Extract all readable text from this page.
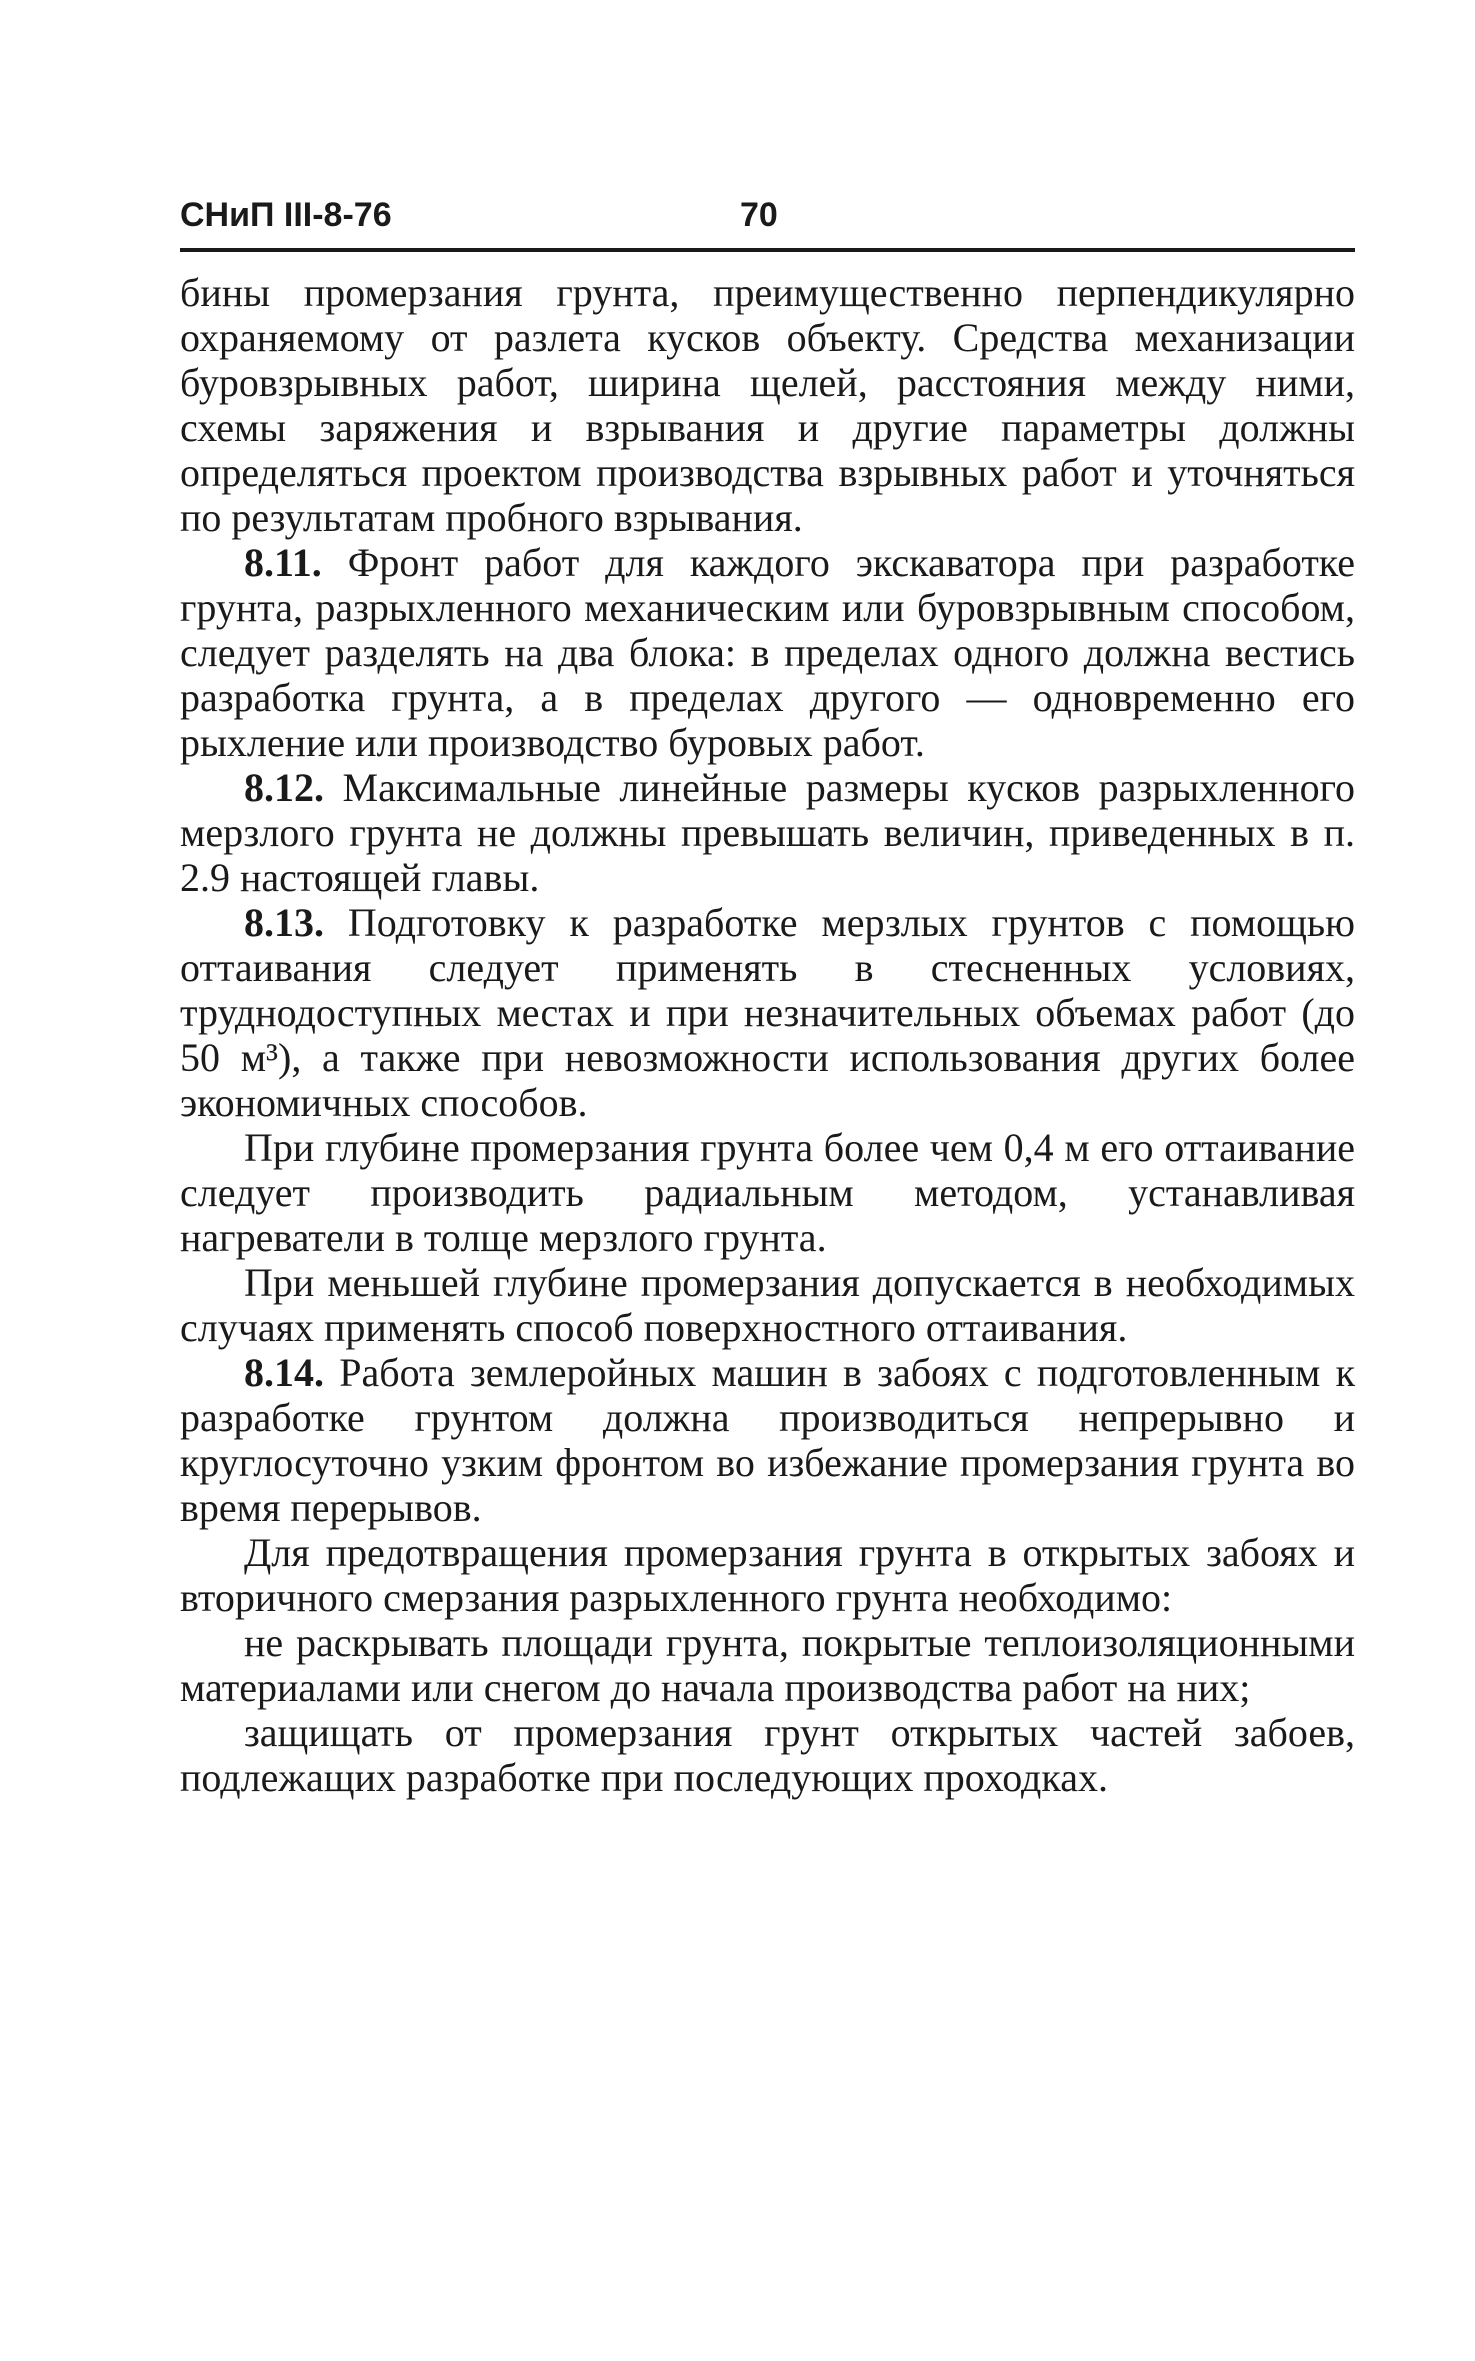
СНиП III-8-76	70

бины промерзания грунта, преимущественно перпендикулярно охраняемому от разлета кусков объекту. Средства механизации буровзрывных работ, ширина щелей, расстояния между ними, схемы заряжения и взрывания и другие параметры должны определяться проектом производства взрывных работ и уточняться по результатам пробного взрывания.

8.11. Фронт работ для каждого экскаватора при разработке грунта, разрыхленного механическим или буровзрывным способом, следует разделять на два блока: в пределах одного должна вестись разработка грунта, а в пределах другого — одновременно его рыхление или производство буровых работ.

8.12. Максимальные линейные размеры кусков разрыхленного мерзлого грунта не должны превышать величин, приведенных в п. 2.9 настоящей главы.

8.13. Подготовку к разработке мерзлых грунтов с помощью оттаивания следует применять в стесненных условиях, труднодоступных местах и при незначительных объемах работ (до 50 м³), а также при невозможности использования других более экономичных способов.

При глубине промерзания грунта более чем 0,4 м его оттаивание следует производить радиальным методом, устанавливая нагреватели в толще мерзлого грунта.

При меньшей глубине промерзания допускается в необходимых случаях применять способ поверхностного оттаивания.

8.14. Работа землеройных машин в забоях с подготовленным к разработке грунтом должна производиться непрерывно и круглосуточно узким фронтом во избежание промерзания грунта во время перерывов.

Для предотвращения промерзания грунта в открытых забоях и вторичного смерзания разрыхленного грунта необходимо:

не раскрывать площади грунта, покрытые теплоизоляционными материалами или снегом до начала производства работ на них;

защищать от промерзания грунт открытых частей забоев, подлежащих разработке при последующих проходках.
